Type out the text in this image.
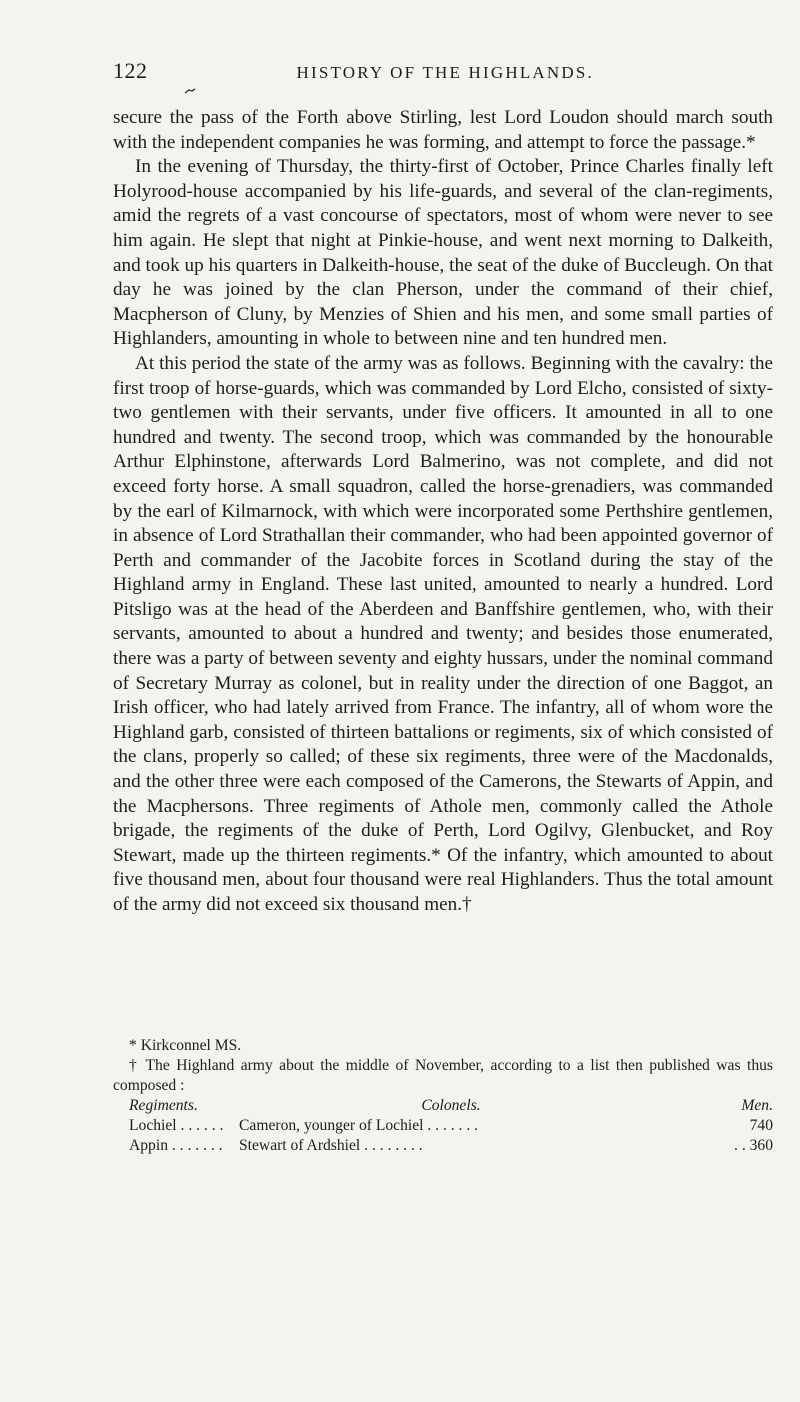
122	HISTORY OF THE HIGHLANDS.

secure the pass of the Forth above Stirling, lest Lord Loudon should march south with the independent companies he was forming, and attempt to force the passage.*

In the evening of Thursday, the thirty-first of October, Prince Charles finally left Holyrood-house accompanied by his life-guards, and several of the clan-regiments, amid the regrets of a vast concourse of spectators, most of whom were never to see him again. He slept that night at Pinkie-house, and went next morning to Dalkeith, and took up his quarters in Dalkeith-house, the seat of the duke of Buccleugh. On that day he was joined by the clan Pherson, under the command of their chief, Macpherson of Cluny, by Menzies of Shien and his men, and some small parties of Highlanders, amounting in whole to between nine and ten hundred men.

At this period the state of the army was as follows. Beginning with the cavalry: the first troop of horse-guards, which was commanded by Lord Elcho, consisted of sixty-two gentlemen with their servants, under five officers. It amounted in all to one hundred and twenty. The second troop, which was commanded by the honourable Arthur Elphinstone, afterwards Lord Balmerino, was not complete, and did not exceed forty horse. A small squadron, called the horse-grenadiers, was commanded by the earl of Kilmarnock, with which were incorporated some Perthshire gentlemen, in absence of Lord Strathallan their commander, who had been appointed governor of Perth and commander of the Jacobite forces in Scotland during the stay of the Highland army in England. These last united, amounted to nearly a hundred. Lord Pitsligo was at the head of the Aberdeen and Banffshire gentlemen, who, with their servants, amounted to about a hundred and twenty; and besides those enumerated, there was a party of between seventy and eighty hussars, under the nominal command of Secretary Murray as colonel, but in reality under the direction of one Baggot, an Irish officer, who had lately arrived from France. The infantry, all of whom wore the Highland garb, consisted of thirteen battalions or regiments, six of which consisted of the clans, properly so called; of these six regiments, three were of the Macdonalds, and the other three were each composed of the Camerons, the Stewarts of Appin, and the Macphersons. Three regiments of Athole men, commonly called the Athole brigade, the regiments of the duke of Perth, Lord Ogilvy, Glenbucket, and Roy Stewart, made up the thirteen regiments.* Of the infantry, which amounted to about five thousand men, about four thousand were real Highlanders. Thus the total amount of the army did not exceed six thousand men.†

* Kirkconnel MS.

† The Highland army about the middle of November, according to a list then published was thus composed :

Regiments.	Colonels.	Men.
Lochiel . . . . . . Cameron, younger of Lochiel . . . . . . .	740
Appin . . . . . . .	Stewart of Ardshiel . . . . . . . .	. . 360
